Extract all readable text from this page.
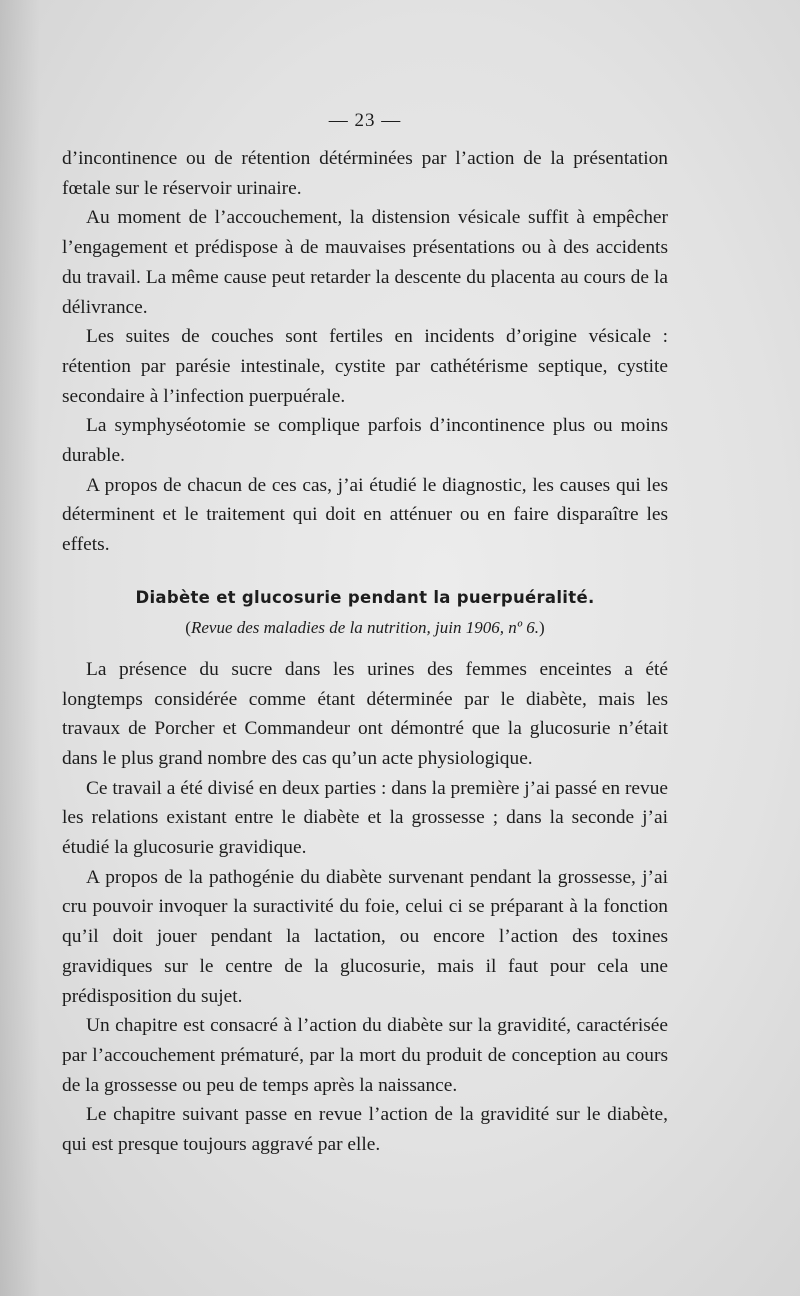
— 23 —

d’incontinence ou de rétention détérminées par l’action de la présentation fœtale sur le réservoir urinaire.

Au moment de l’accouchement, la distension vésicale suffit à empêcher l’engagement et prédispose à de mauvaises présentations ou à des accidents du travail. La même cause peut retarder la descente du placenta au cours de la délivrance.

Les suites de couches sont fertiles en incidents d’origine vésicale : rétention par parésie intestinale, cystite par cathétérisme septique, cystite secondaire à l’infection puerpuérale.

La symphyséotomie se complique parfois d’incontinence plus ou moins durable.

A propos de chacun de ces cas, j’ai étudié le diagnostic, les causes qui les déterminent et le traitement qui doit en atténuer ou en faire disparaître les effets.

Diabète et glucosurie pendant la puerpuéralité.

(Revue des maladies de la nutrition, juin 1906, nº 6.)

La présence du sucre dans les urines des femmes enceintes a été longtemps considérée comme étant déterminée par le diabète, mais les travaux de Porcher et Commandeur ont démontré que la glucosurie n’était dans le plus grand nombre des cas qu’un acte physiologique.

Ce travail a été divisé en deux parties : dans la première j’ai passé en revue les relations existant entre le diabète et la grossesse ; dans la seconde j’ai étudié la glucosurie gravidique.

A propos de la pathogénie du diabète survenant pendant la grossesse, j’ai cru pouvoir invoquer la suractivité du foie, celui ci se préparant à la fonction qu’il doit jouer pendant la lactation, ou encore l’action des toxines gravidiques sur le centre de la glucosurie, mais il faut pour cela une prédisposition du sujet.

Un chapitre est consacré à l’action du diabète sur la gravidité, caractérisée par l’accouchement prématuré, par la mort du produit de conception au cours de la grossesse ou peu de temps après la naissance.

Le chapitre suivant passe en revue l’action de la gravidité sur le diabète, qui est presque toujours aggravé par elle.
